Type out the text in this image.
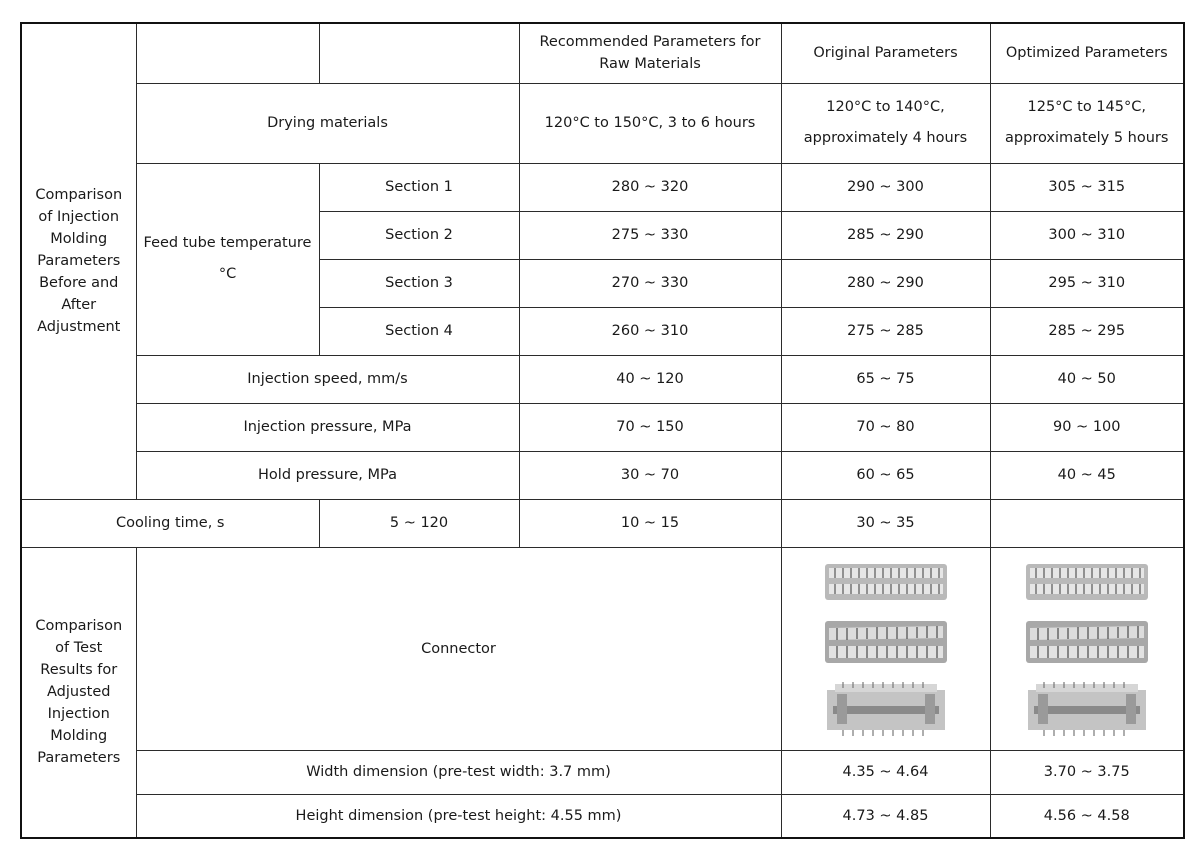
Comparison of Injection Molding Parameters Before and After Adjustment			Recommended Parameters for Raw Materials	Original Parameters	Optimized Parameters
	Drying materials		120°C to 150°C, 3 to 6 hours	120°C to 140°C, approximately 4 hours	125°C to 145°C, approximately 5 hours
	Feed tube temperature °C	Section 1	280 ~ 320	290 ~ 300	305 ~ 315
		Section 2	275 ~ 330	285 ~ 290	300 ~ 310
		Section 3	270 ~ 330	280 ~ 290	295 ~ 310
		Section 4	260 ~ 310	275 ~ 285	285 ~ 295
	Injection speed, mm/s		40 ~ 120	65 ~ 75	40 ~ 50
	Injection pressure, MPa		70 ~ 150	70 ~ 80	90 ~ 100
	Hold pressure, MPa		30 ~ 70	60 ~ 65	40 ~ 45
Cooling time, s		5 ~ 120	10 ~ 15	30 ~ 35	
Comparison of Test Results for Adjusted Injection Molding Parameters	Connector	

	Width dimension (pre-test width: 3.7 mm)			4.35 ~ 4.64	3.70 ~ 3.75
	Height dimension (pre-test height: 4.55 mm)			4.73 ~ 4.85	4.56 ~ 4.58
